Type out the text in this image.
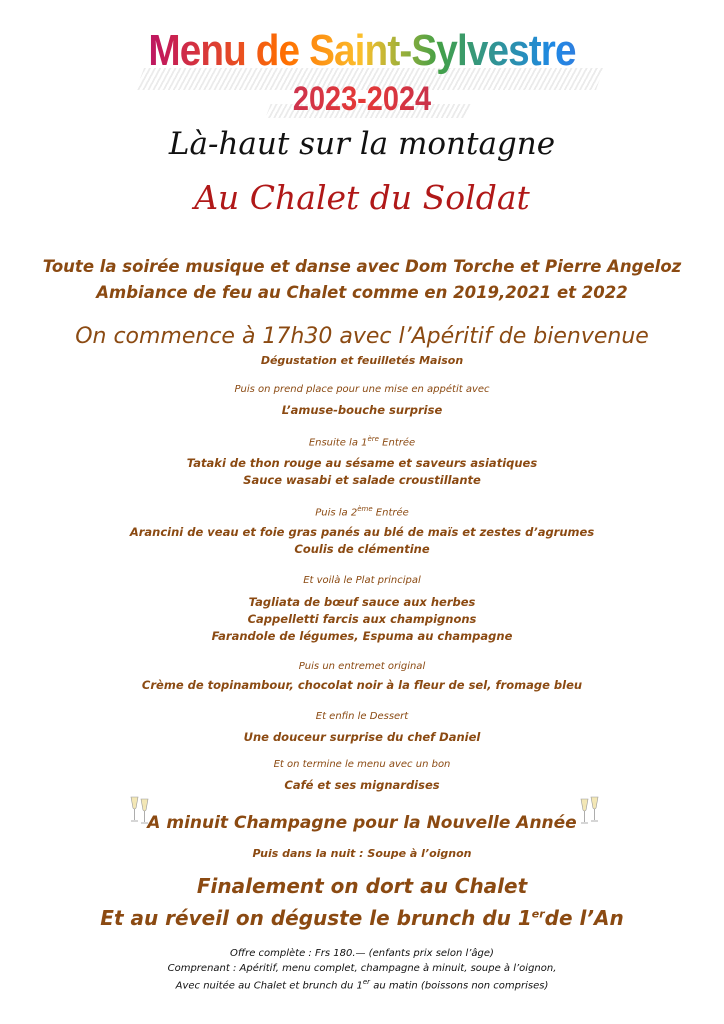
Menu de Saint-Sylvestre
2023-2024
Là-haut sur la montagne
Au Chalet du Soldat
Toute la soirée musique et danse avec Dom Torche et Pierre Angeloz
Ambiance de feu au Chalet comme en 2019,2021 et 2022
On commence à 17h30 avec l’Apéritif de bienvenue
Dégustation et feuilletés Maison
Puis on prend place pour une mise en appétit avec
L’amuse-bouche surprise
Ensuite la 1ère Entrée
Tataki de thon rouge au sésame et saveurs asiatiques
Sauce wasabi et salade croustillante
Puis la 2ème Entrée
Arancini de veau et foie gras panés au blé de maïs et zestes d’agrumes
Coulis de clémentine
Et voilà le Plat principal
Tagliata de bœuf sauce aux herbes
Cappelletti farcis aux champignons
Farandole de légumes, Espuma au champagne
Puis un entremet original
Crème de topinambour, chocolat noir à la fleur de sel, fromage bleu
Et enfin le Dessert
Une douceur surprise du chef Daniel
Et on termine le menu avec un bon
Café et ses mignardises
A minuit Champagne pour la Nouvelle Année
Puis dans la nuit : Soupe à l’oignon
Finalement on dort au Chalet
Et au réveil on déguste le brunch du 1erde l’An
Offre complète : Frs 180.— (enfants prix selon l’âge)
Comprenant : Apéritif, menu complet, champagne à minuit, soupe à l’oignon,
Avec nuitée au Chalet et brunch du 1er au matin (boissons non comprises)
